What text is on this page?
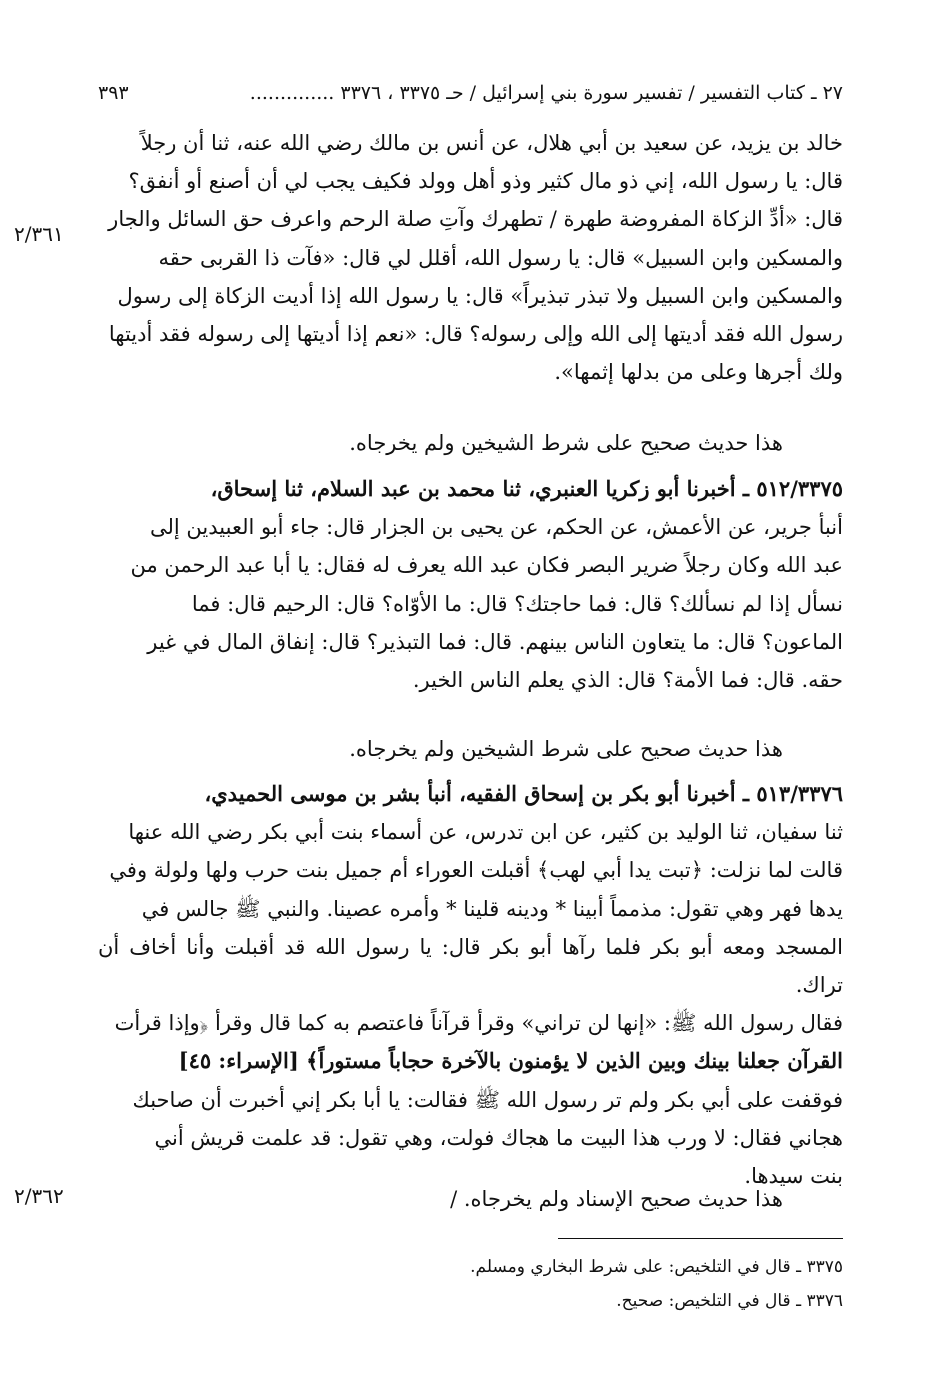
٢٧ ـ كتاب التفسير / تفسير سورة بني إسرائيل / حـ ٣٣٧٥ ، ٣٣٧٦ ..............
٣٩٣

خالد بن يزيد، عن سعيد بن أبي هلال، عن أنس بن مالك رضي الله عنه، ثنا أن رجلاً

قال: يا رسول الله، إني ذو مال كثير وذو أهل وولد فكيف يجب لي أن أصنع أو أنفق؟

قال: «أدِّ الزكاة المفروضة طهرة / تطهرك وآتِ صلة الرحم واعرف حق السائل والجار

والمسكين وابن السبيل» قال: يا رسول الله، أقلل لي قال: «فآت ذا القربى حقه

والمسكين وابن السبيل ولا تبذر تبذيراً» قال: يا رسول الله إذا أديت الزكاة إلى رسول

رسول الله فقد أديتها إلى الله وإلى رسوله؟ قال: «نعم إذا أديتها إلى رسوله فقد أديتها

ولك أجرها وعلى من بدلها إثمها».

هذا حديث صحيح على شرط الشيخين ولم يخرجاه.

٥١٢/٣٣٧٥ ـ أخبرنا أبو زكريا العنبري، ثنا محمد بن عبد السلام، ثنا إسحاق،

أنبأ جرير، عن الأعمش، عن الحكم، عن يحيى بن الجزار قال: جاء أبو العبيدين إلى

عبد الله وكان رجلاً ضرير البصر فكان عبد الله يعرف له فقال: يا أبا عبد الرحمن من

نسأل إذا لم نسألك؟ قال: فما حاجتك؟ قال: ما الأوّاه؟ قال: الرحيم قال: فما

الماعون؟ قال: ما يتعاون الناس بينهم. قال: فما التبذير؟ قال: إنفاق المال في غير

حقه. قال: فما الأمة؟ قال: الذي يعلم الناس الخير.

هذا حديث صحيح على شرط الشيخين ولم يخرجاه.

٥١٣/٣٣٧٦ ـ أخبرنا أبو بكر بن إسحاق الفقيه، أنبأ بشر بن موسى الحميدي،

ثنا سفيان، ثنا الوليد بن كثير، عن ابن تدرس، عن أسماء بنت أبي بكر رضي الله عنها

قالت لما نزلت: ﴿تبت يدا أبي لهب﴾ أقبلت العوراء أم جميل بنت حرب ولها ولولة وفي

يدها فهر وهي تقول: مذمماً أبينا * ودينه قلينا * وأمره عصينا. والنبي ﷺ جالس في

المسجد ومعه أبو بكر فلما رآها أبو بكر قال: يا رسول الله قد أقبلت وأنا أخاف أن تراك.

فقال رسول الله ﷺ: «إنها لن تراني» وقرأ قرآناً فاعتصم به كما قال وقرأ ﴿وإذا قرأت

القرآن جعلنا بينك وبين الذين لا يؤمنون بالآخرة حجاباً مستوراً﴾ [الإسراء: ٤٥]

فوقفت على أبي بكر ولم تر رسول الله ﷺ فقالت: يا أبا بكر إني أخبرت أن صاحبك

هجاني فقال: لا ورب هذا البيت ما هجاك فولت، وهي تقول: قد علمت قريش أني

بنت سيدها.

هذا حديث صحيح الإسناد ولم يخرجاه. /
٢/٣٦١
٢/٣٦٢

٣٣٧٥ ـ قال في التلخيص: على شرط البخاري ومسلم.

٣٣٧٦ ـ قال في التلخيص: صحيح.
